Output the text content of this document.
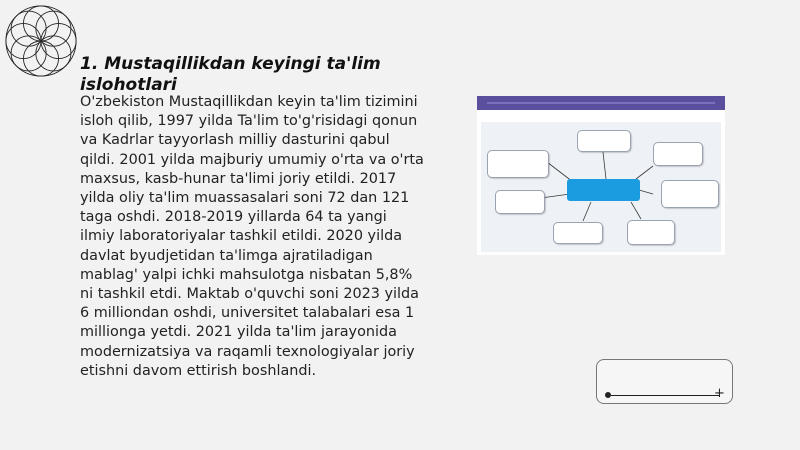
1. Mustaqillikdan keyingi ta'lim islohotlari

O'zbekiston Mustaqillikdan keyin ta'lim tizimini isloh qilib, 1997 yilda Ta'lim to'g'risidagi qonun va Kadrlar tayyorlash milliy dasturini qabul qildi. 2001 yilda majburiy umumiy o'rta va o'rta maxsus, kasb-hunar ta'limi joriy etildi. 2017 yilda oliy ta'lim muassasalari soni 72 dan 121 taga oshdi. 2018-2019 yillarda 64 ta yangi ilmiy laboratoriyalar tashkil etildi. 2020 yilda davlat byudjetidan ta'limga ajratiladigan mablag' yalpi ichki mahsulotga nisbatan 5,8% ni tashkil etdi. Maktab o'quvchi soni 2023 yilda 6 milliondan oshdi, universitet talabalari esa 1 millionga yetdi. 2021 yilda ta'lim jarayonida modernizatsiya va raqamli texnologiyalar joriy etishni davom ettirish boshlandi.

+
